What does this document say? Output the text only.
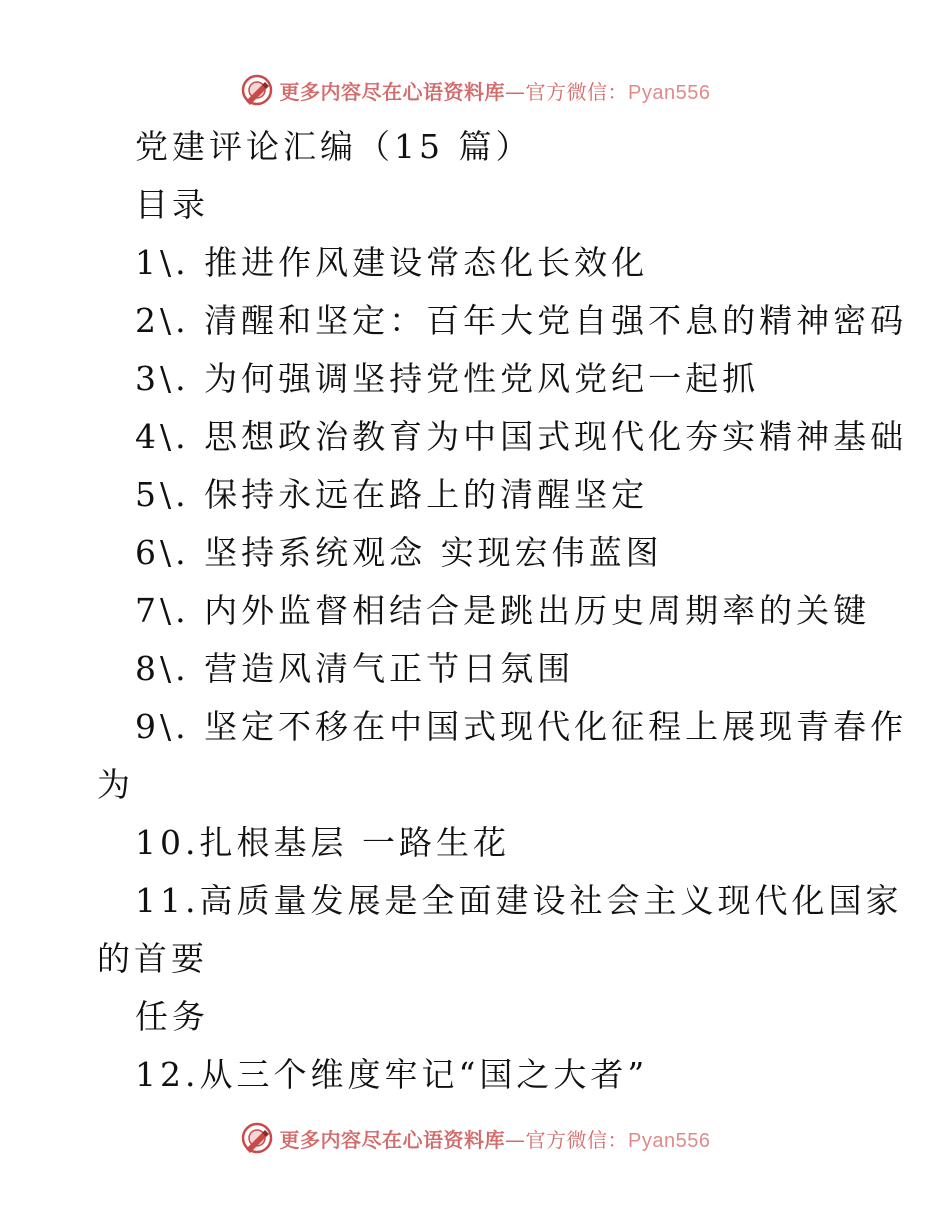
更多内容尽在心语资料库—官方微信：Pyan556
党建评论汇编（15 篇）
目录
1\. 推进作风建设常态化长效化
2\. 清醒和坚定：百年大党自强不息的精神密码
3\. 为何强调坚持党性党风党纪一起抓
4\. 思想政治教育为中国式现代化夯实精神基础
5\. 保持永远在路上的清醒坚定
6\. 坚持系统观念 实现宏伟蓝图
7\. 内外监督相结合是跳出历史周期率的关键
8\. 营造风清气正节日氛围
9\. 坚定不移在中国式现代化征程上展现青春作
为
10.扎根基层 一路生花
11.高质量发展是全面建设社会主义现代化国家
的首要
任务
12.从三个维度牢记“国之大者”
更多内容尽在心语资料库—官方微信：Pyan556
